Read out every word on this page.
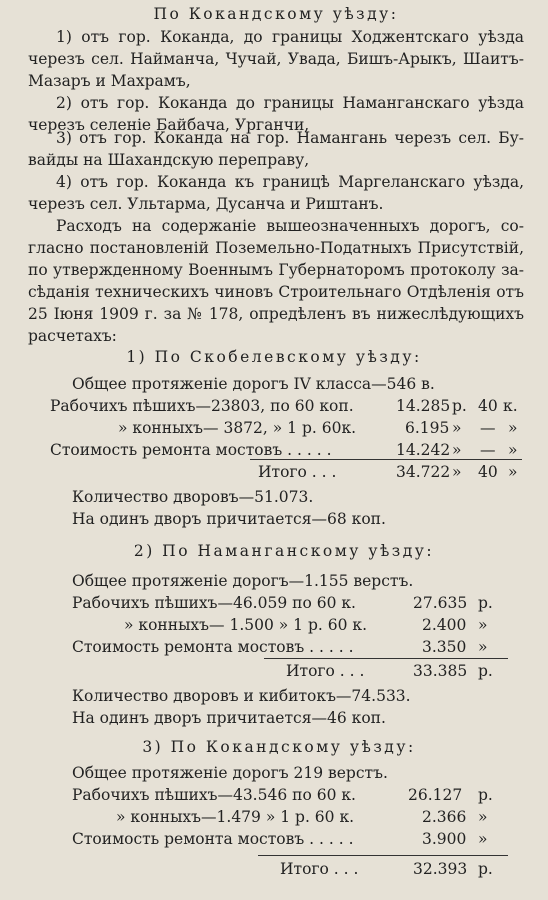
По Кокандскому уѣзду:
1) отъ гор. Коканда, до границы Ходжентскаго уѣзда
черезъ сел. Найманча, Чучай, Увада, Бишъ-Арыкъ, Шаитъ-
Мазаръ и Махрамъ,
2) отъ гор. Коканда до границы Наманганскаго уѣзда
черезъ селеніе Байбача, Урганчи,
3) отъ гор. Коканда на гор. Намангань черезъ сел. Бу-
вайды на Шахандскую переправу,
4) отъ гор. Коканда къ границѣ Маргеланскаго уѣзда,
черезъ сел. Ультарма, Дусанча и Риштанъ.
Расходъ на содержаніе вышеозначенныхъ дорогъ, со-
гласно постановленій Поземельно-Податныхъ Присутствій,
по утвержденному Военнымъ Губернаторомъ протоколу за-
сѣданія техническихъ чиновъ Строительнаго Отдѣленія отъ
25 Іюня 1909 г. за № 178, опредѣленъ въ нижеслѣдующихъ
расчетахъ:
1) По Скобелевскому уѣзду:
Общее протяженіе дорогъ IV класса—546 в.
Рабочихъ пѣшихъ—23803, по 60 коп.	14.285 р. 40 к.
» конныхъ— 3872, » 1 р. 60к.	6.195 » — »
Стоимость ремонта мостовъ . . . . .	14.242 » — »
Итого . . .	34.722 » 40 »
Количество дворовъ—51.073.
На одинъ дворъ причитается—68 коп.
2) По Наманганскому уѣзду:
Общее протяженіе дорогъ—1.155 верстъ.
Рабочихъ пѣшихъ—46.059 по 60 к.	27.635 р.
» конныхъ— 1.500 » 1 р. 60 к.	2.400 »
Стоимость ремонта мостовъ . . . . .	3.350 »
Итого . . .	33.385 р.
Количество дворовъ и кибитокъ—74.533.
На одинъ дворъ причитается—46 коп.
3) По Кокандскому уѣзду:
Общее протяженіе дорогъ 219 верстъ.
Рабочихъ пѣшихъ—43.546 по 60 к.	26.127 р.
» конныхъ—1.479 » 1 р. 60 к.	2.366 »
Стоимость ремонта мостовъ . . . . .	3.900 »
Итого . . .	32.393 р.
